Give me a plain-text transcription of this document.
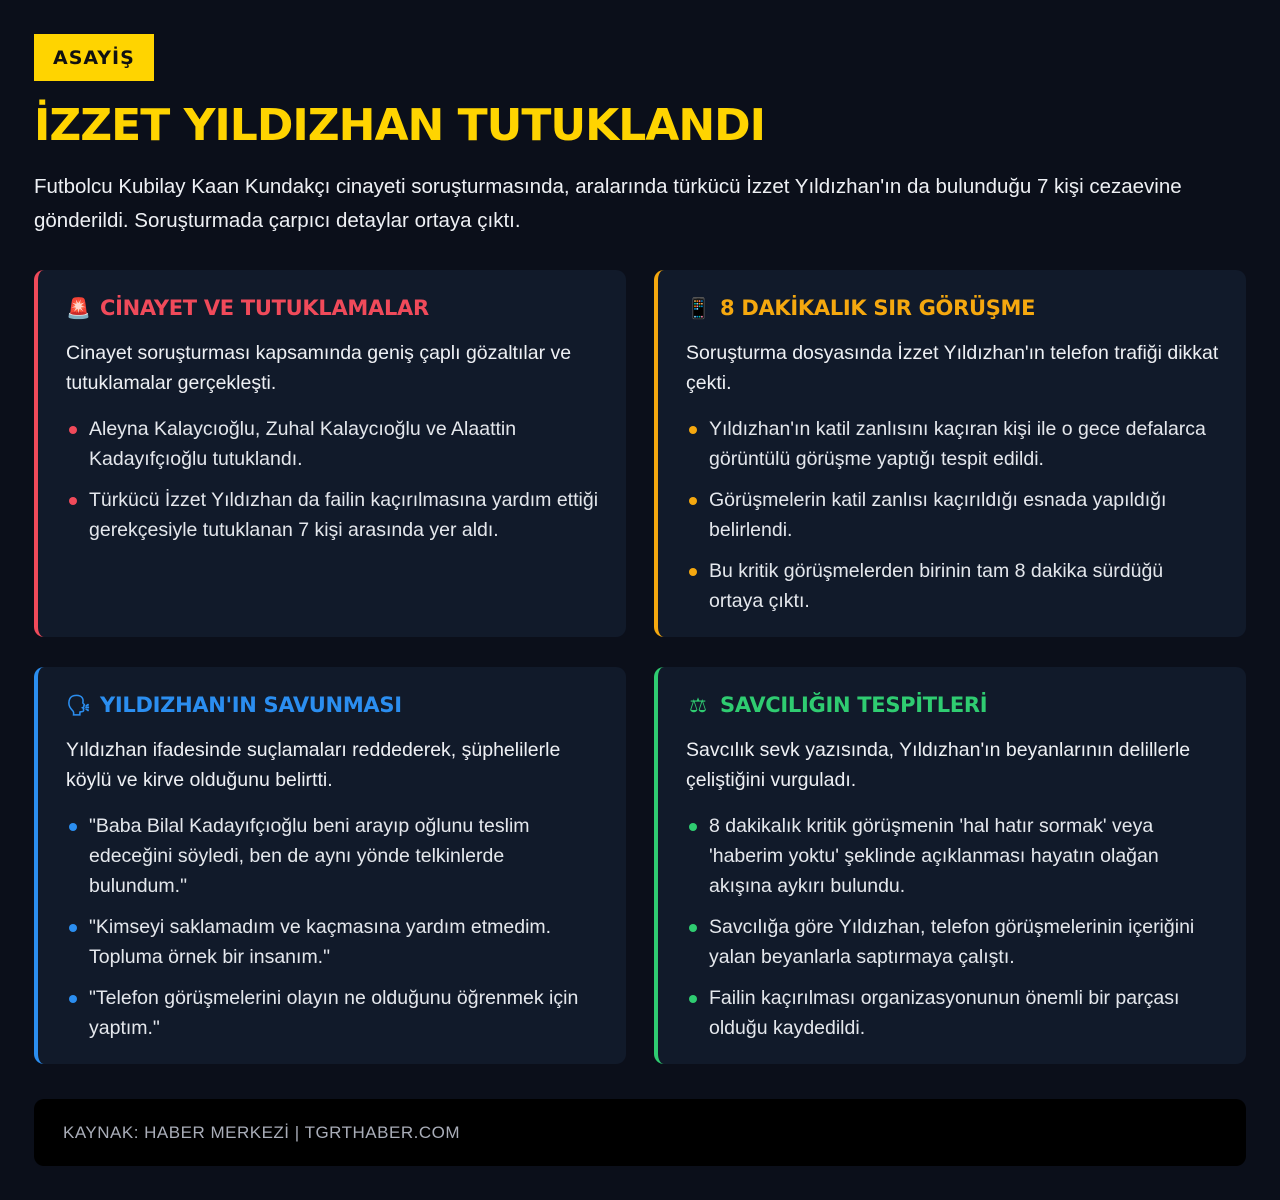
ASAYİŞ
İZZET YILDIZHAN TUTUKLANDI

Futbolcu Kubilay Kaan Kundakçı cinayeti soruşturmasında, aralarında türkücü İzzet Yıldızhan'ın da bulunduğu 7 kişi cezaevine gönderildi. Soruşturmada çarpıcı detaylar ortaya çıktı.

🚨 CİNAYET VE TUTUKLAMALAR

Cinayet soruşturması kapsamında geniş çaplı gözaltılar ve tutuklamalar gerçekleşti.

Aleyna Kalaycıoğlu, Zuhal Kalaycıoğlu ve Alaattin Kadayıfçıoğlu tutuklandı.
Türkücü İzzet Yıldızhan da failin kaçırılmasına yardım ettiği gerekçesiyle tutuklanan 7 kişi arasında yer aldı.
📱 8 DAKİKALIK SIR GÖRÜŞME

Soruşturma dosyasında İzzet Yıldızhan'ın telefon trafiği dikkat çekti.

Yıldızhan'ın katil zanlısını kaçıran kişi ile o gece defalarca görüntülü görüşme yaptığı tespit edildi.
Görüşmelerin katil zanlısı kaçırıldığı esnada yapıldığı belirlendi.
Bu kritik görüşmelerden birinin tam 8 dakika sürdüğü ortaya çıktı.
🗣 YILDIZHAN'IN SAVUNMASI

Yıldızhan ifadesinde suçlamaları reddederek, şüphelilerle köylü ve kirve olduğunu belirtti.

"Baba Bilal Kadayıfçıoğlu beni arayıp oğlunu teslim edeceğini söyledi, ben de aynı yönde telkinlerde bulundum."
"Kimseyi saklamadım ve kaçmasına yardım etmedim. Topluma örnek bir insanım."
"Telefon görüşmelerini olayın ne olduğunu öğrenmek için yaptım."
⚖ SAVCILIĞIN TESPİTLERİ

Savcılık sevk yazısında, Yıldızhan'ın beyanlarının delillerle çeliştiğini vurguladı.

8 dakikalık kritik görüşmenin 'hal hatır sormak' veya 'haberim yoktu' şeklinde açıklanması hayatın olağan akışına aykırı bulundu.
Savcılığa göre Yıldızhan, telefon görüşmelerinin içeriğini yalan beyanlarla saptırmaya çalıştı.
Failin kaçırılması organizasyonunun önemli bir parçası olduğu kaydedildi.
KAYNAK: HABER MERKEZİ | TGRTHABER.COM
